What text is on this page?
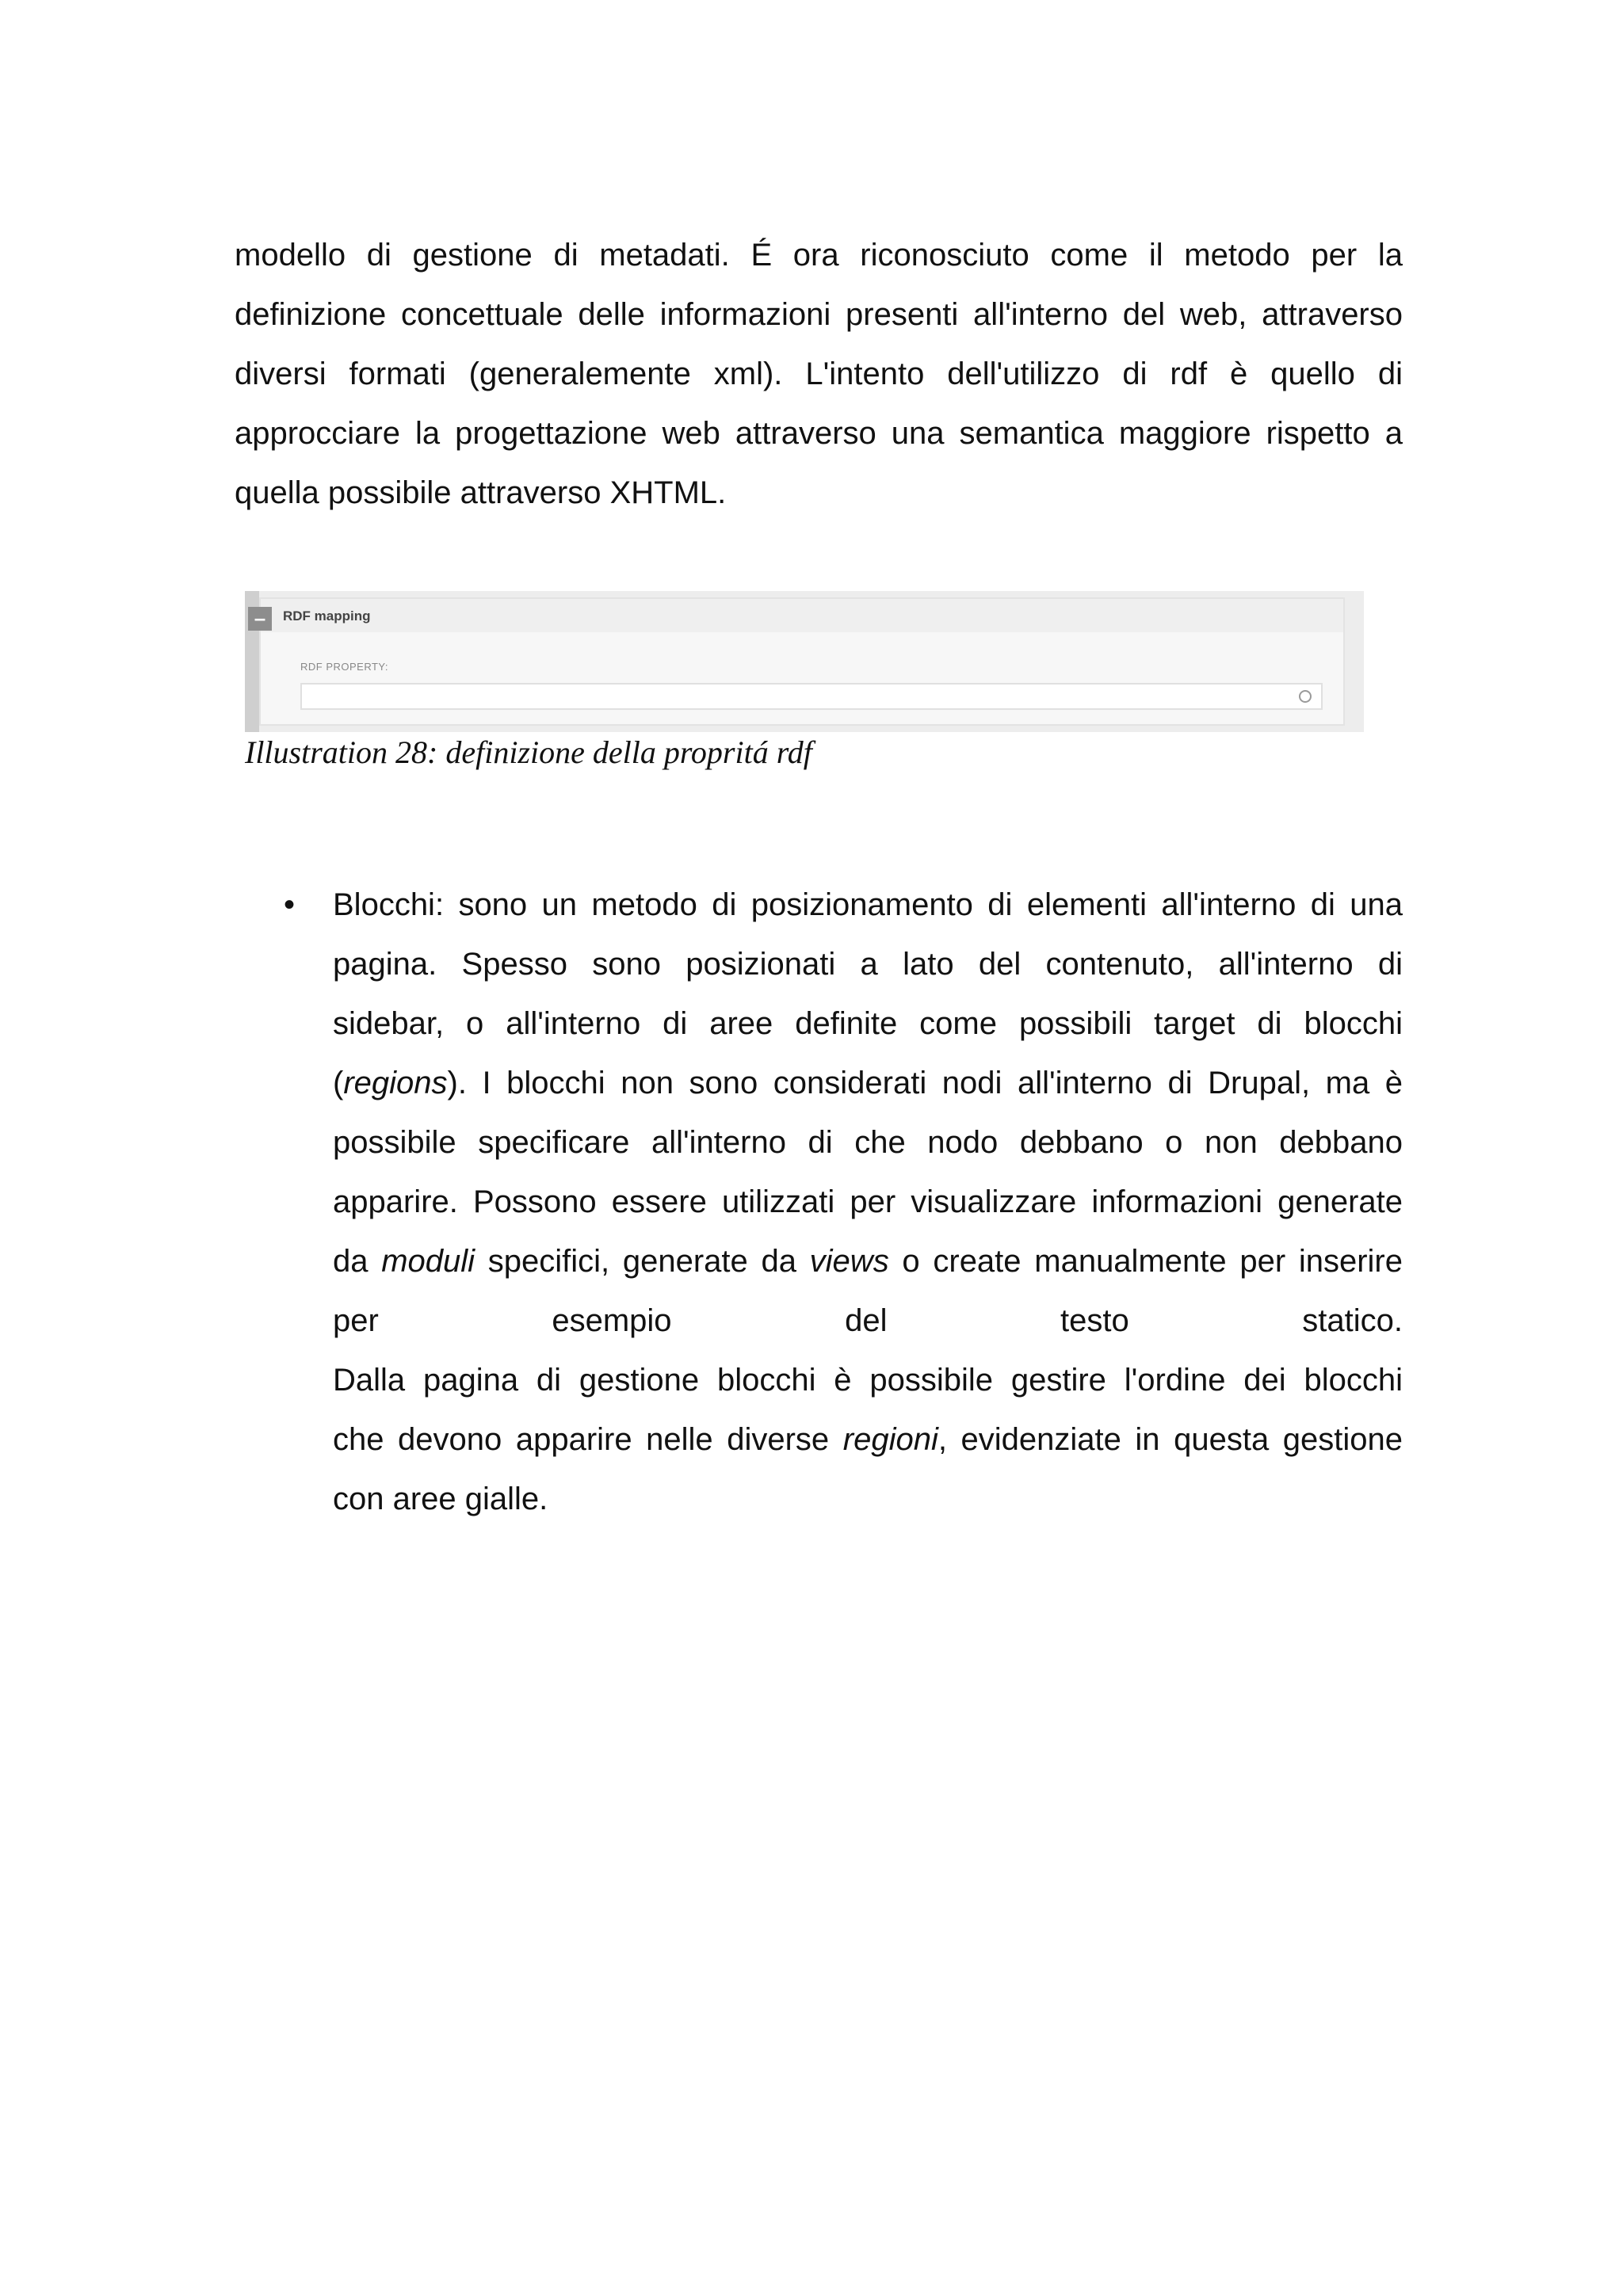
modello di gestione di metadati. É ora riconosciuto come il metodo per la
definizione concettuale delle informazioni presenti all'interno del web, attraverso
diversi formati (generalemente xml). L'intento dell'utilizzo di rdf è quello di
approcciare la progettazione web attraverso una semantica maggiore rispetto a
quella possibile attraverso XHTML.

–	RDF mapping
RDF PROPERTY:
Illustration 28: definizione della propritá rdf
• Blocchi: sono un metodo di posizionamento di elementi all'interno di una
pagina. Spesso sono posizionati a lato del contenuto, all'interno di
sidebar, o all'interno di aree definite come possibili target di blocchi
(regions). I blocchi non sono considerati nodi all'interno di Drupal, ma è
possibile specificare all'interno di che nodo debbano o non debbano
apparire. Possono essere utilizzati per visualizzare informazioni generate
da moduli specifici, generate da views o create manualmente per inserire
per esempio del testo statico.
Dalla pagina di gestione blocchi è possibile gestire l'ordine dei blocchi
che devono apparire nelle diverse regioni, evidenziate in questa gestione
con aree gialle.
